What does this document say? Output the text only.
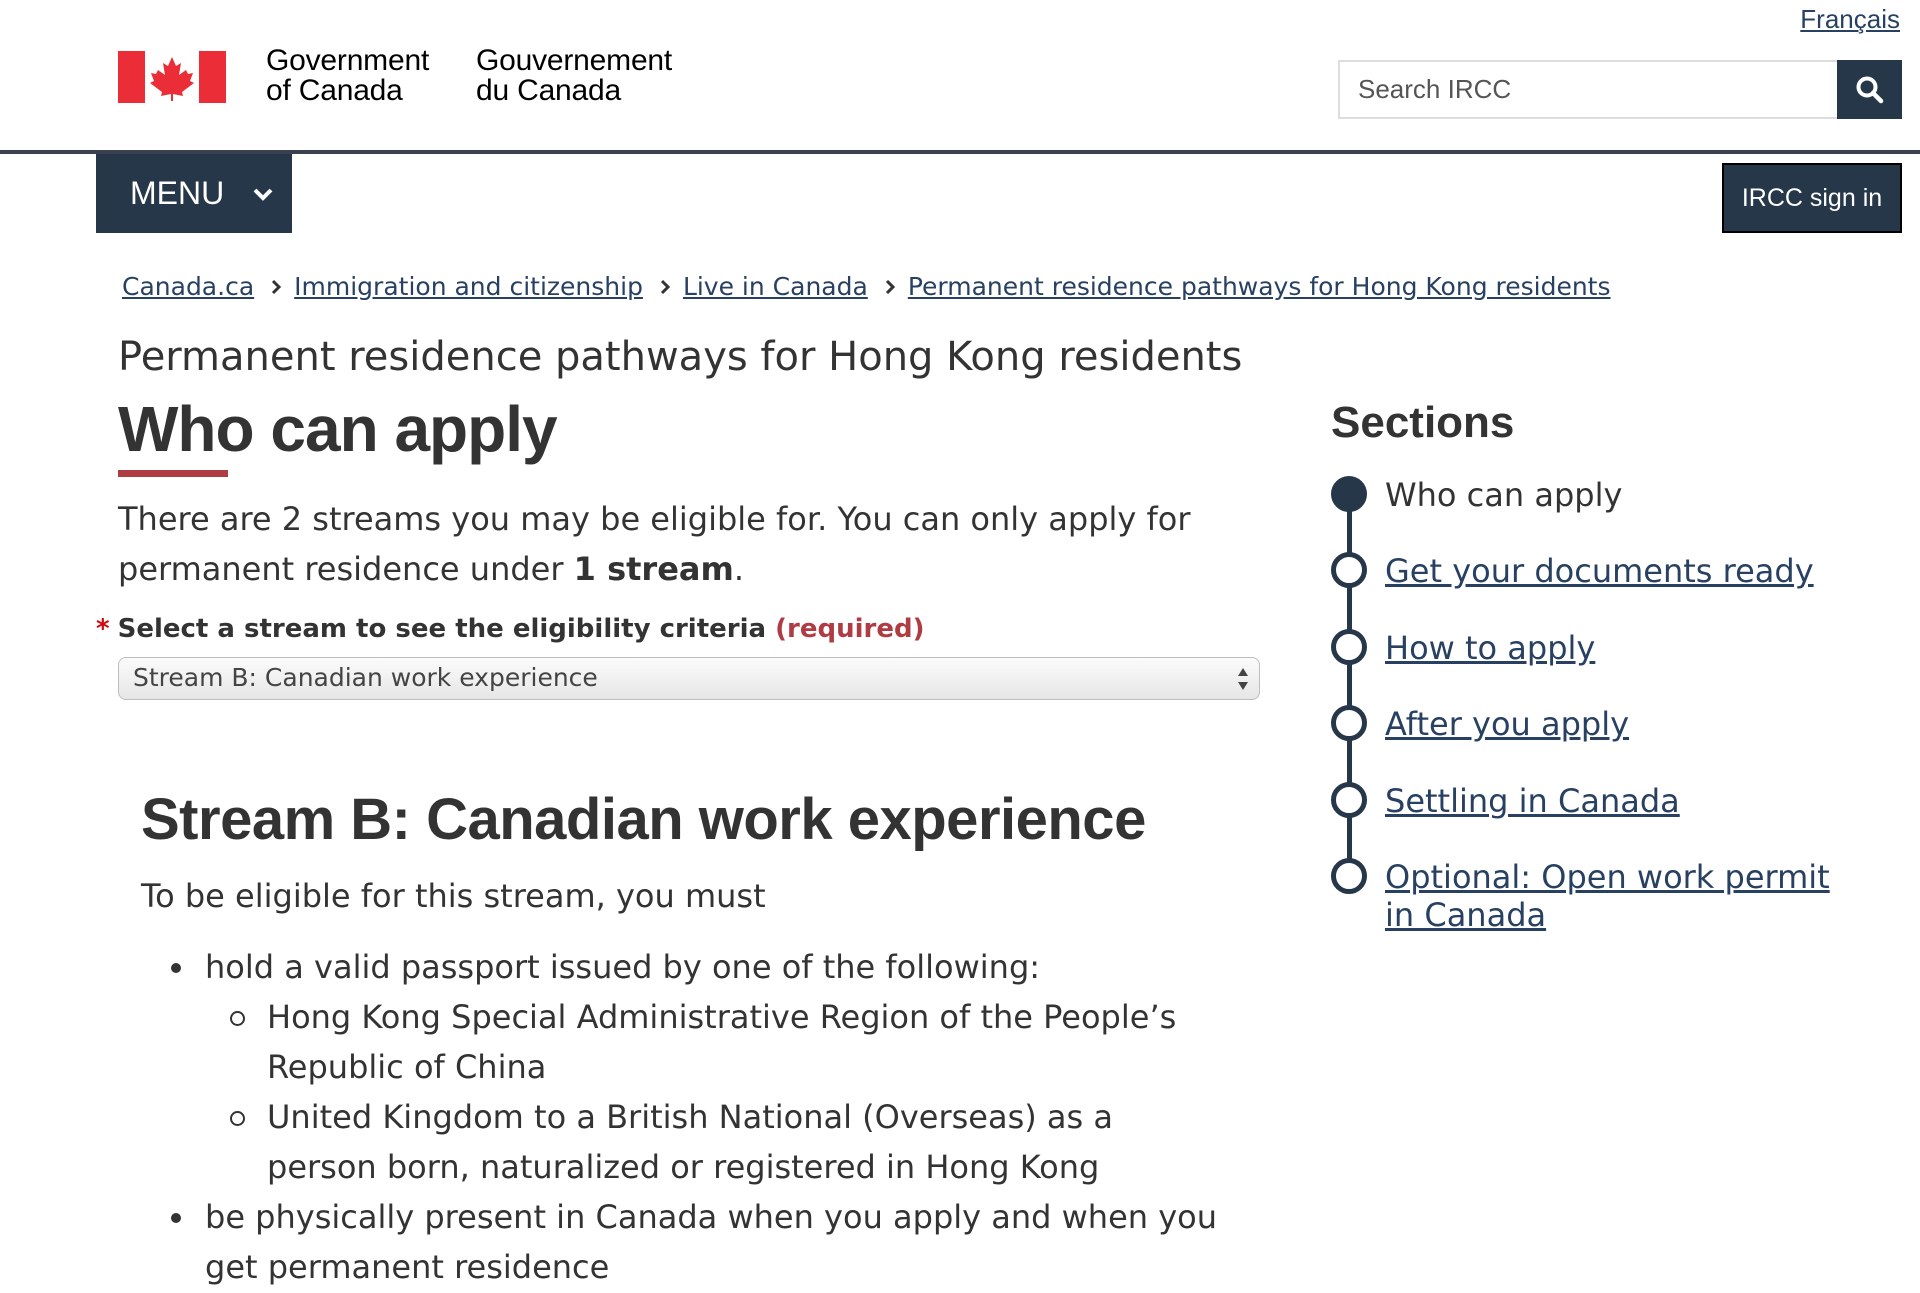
Français
Government
of Canada
Gouvernement
du Canada	Search IRCC
MENU	IRCC sign in
Canada.ca Immigration and citizenship Live in Canada Permanent residence pathways for Hong Kong residents
Permanent residence pathways for Hong Kong residents
Who can apply

There are 2 streams you may be eligible for. You can only apply for permanent residence under 1 stream.

* Select a stream to see the eligibility criteria (required)
Stream B: Canadian work experience
Stream B: Canadian work experience

To be eligible for this stream, you must

hold a valid passport issued by one of the following:
Hong Kong Special Administrative Region of the People’s Republic of China
United Kingdom to a British National (Overseas) as a person born, naturalized or registered in Hong Kong
be physically present in Canada when you apply and when you get permanent residence
Sections
Who can apply
Get your documents ready
How to apply
After you apply
Settling in Canada
Optional: Open work permit in Canada
